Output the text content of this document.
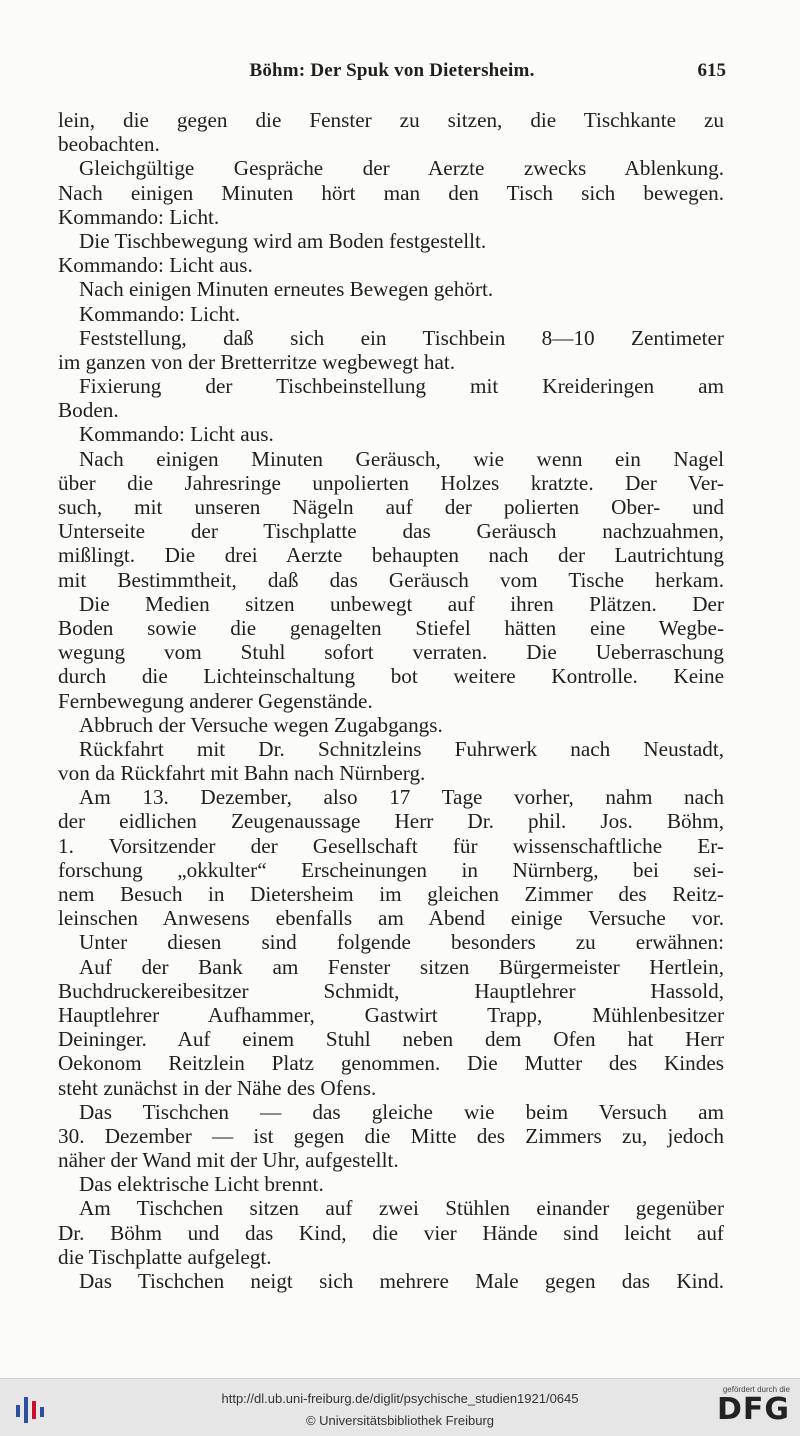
Böhm: Der Spuk von Dietersheim.	615
lein, die gegen die Fenster zu sitzen, die Tischkante zu
beobachten.
Gleichgültige Gespräche der Aerzte zwecks Ablenkung.
Nach einigen Minuten hört man den Tisch sich bewegen.
Kommando: Licht.
Die Tischbewegung wird am Boden festgestellt.
Kommando: Licht aus.
Nach einigen Minuten erneutes Bewegen gehört.
Kommando: Licht.
Feststellung, daß sich ein Tischbein 8—10 Zentimeter
im ganzen von der Bretterritze wegbewegt hat.
Fixierung der Tischbeinstellung mit Kreideringen am
Boden.
Kommando: Licht aus.
Nach einigen Minuten Geräusch, wie wenn ein Nagel
über die Jahresringe unpolierten Holzes kratzte. Der Ver-
such, mit unseren Nägeln auf der polierten Ober- und
Unterseite der Tischplatte das Geräusch nachzuahmen,
mißlingt. Die drei Aerzte behaupten nach der Lautrichtung
mit Bestimmtheit, daß das Geräusch vom Tische herkam.
Die Medien sitzen unbewegt auf ihren Plätzen. Der
Boden sowie die genagelten Stiefel hätten eine Wegbe-
wegung vom Stuhl sofort verraten. Die Ueberraschung
durch die Lichteinschaltung bot weitere Kontrolle. Keine
Fernbewegung anderer Gegenstände.
Abbruch der Versuche wegen Zugabgangs.
Rückfahrt mit Dr. Schnitzleins Fuhrwerk nach Neustadt,
von da Rückfahrt mit Bahn nach Nürnberg.
Am 13. Dezember, also 17 Tage vorher, nahm nach
der eidlichen Zeugenaussage Herr Dr. phil. Jos. Böhm,
1. Vorsitzender der Gesellschaft für wissenschaftliche Er-
forschung „okkulter“ Erscheinungen in Nürnberg, bei sei-
nem Besuch in Dietersheim im gleichen Zimmer des Reitz-
leinschen Anwesens ebenfalls am Abend einige Versuche vor.
Unter diesen sind folgende besonders zu erwähnen:
Auf der Bank am Fenster sitzen Bürgermeister Hertlein,
Buchdruckereibesitzer Schmidt, Hauptlehrer Hassold,
Hauptlehrer Aufhammer, Gastwirt Trapp, Mühlenbesitzer
Deininger. Auf einem Stuhl neben dem Ofen hat Herr
Oekonom Reitzlein Platz genommen. Die Mutter des Kindes
steht zunächst in der Nähe des Ofens.
Das Tischchen — das gleiche wie beim Versuch am
30. Dezember — ist gegen die Mitte des Zimmers zu, jedoch
näher der Wand mit der Uhr, aufgestellt.
Das elektrische Licht brennt.
Am Tischchen sitzen auf zwei Stühlen einander gegenüber
Dr. Böhm und das Kind, die vier Hände sind leicht auf
die Tischplatte aufgelegt.
Das Tischchen neigt sich mehrere Male gegen das Kind.
http://dl.ub.uni-freiburg.de/diglit/psychische_studien1921/0645
© Universitätsbibliothek Freiburg
gefördert durch die
DFG
